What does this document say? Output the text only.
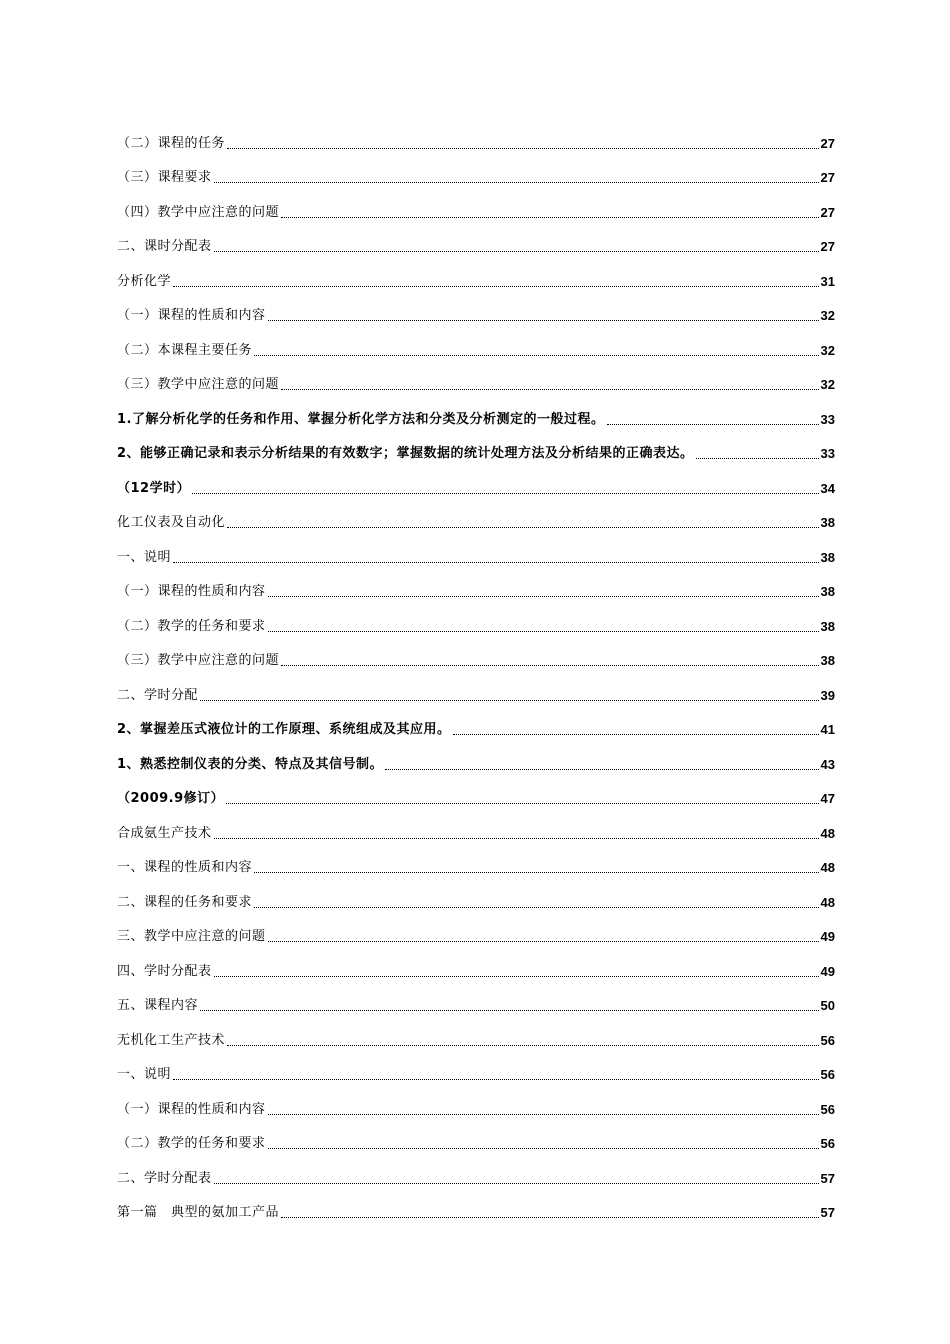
（二）课程的任务	27
（三）课程要求	27
（四）教学中应注意的问题	27
二、课时分配表	27
分析化学	31
（一）课程的性质和内容	32
（二）本课程主要任务	32
（三）教学中应注意的问题	32
1.了解分析化学的任务和作用、掌握分析化学方法和分类及分析测定的一般过程。	33
2、能够正确记录和表示分析结果的有效数字；掌握数据的统计处理方法及分析结果的正确表达。	33
（12学时）	34
化工仪表及自动化	38
一、说明	38
（一）课程的性质和内容	38
（二）教学的任务和要求	38
（三）教学中应注意的问题	38
二、学时分配	39
2、掌握差压式液位计的工作原理、系统组成及其应用。	41
1、熟悉控制仪表的分类、特点及其信号制。	43
（2009.9修订）	47
合成氨生产技术	48
一、课程的性质和内容	48
二、课程的任务和要求	48
三、教学中应注意的问题	49
四、学时分配表	49
五、课程内容	50
无机化工生产技术	56
一、说明	56
（一）课程的性质和内容	56
（二）教学的任务和要求	56
二、学时分配表	57
第一篇　典型的氨加工产品	57
